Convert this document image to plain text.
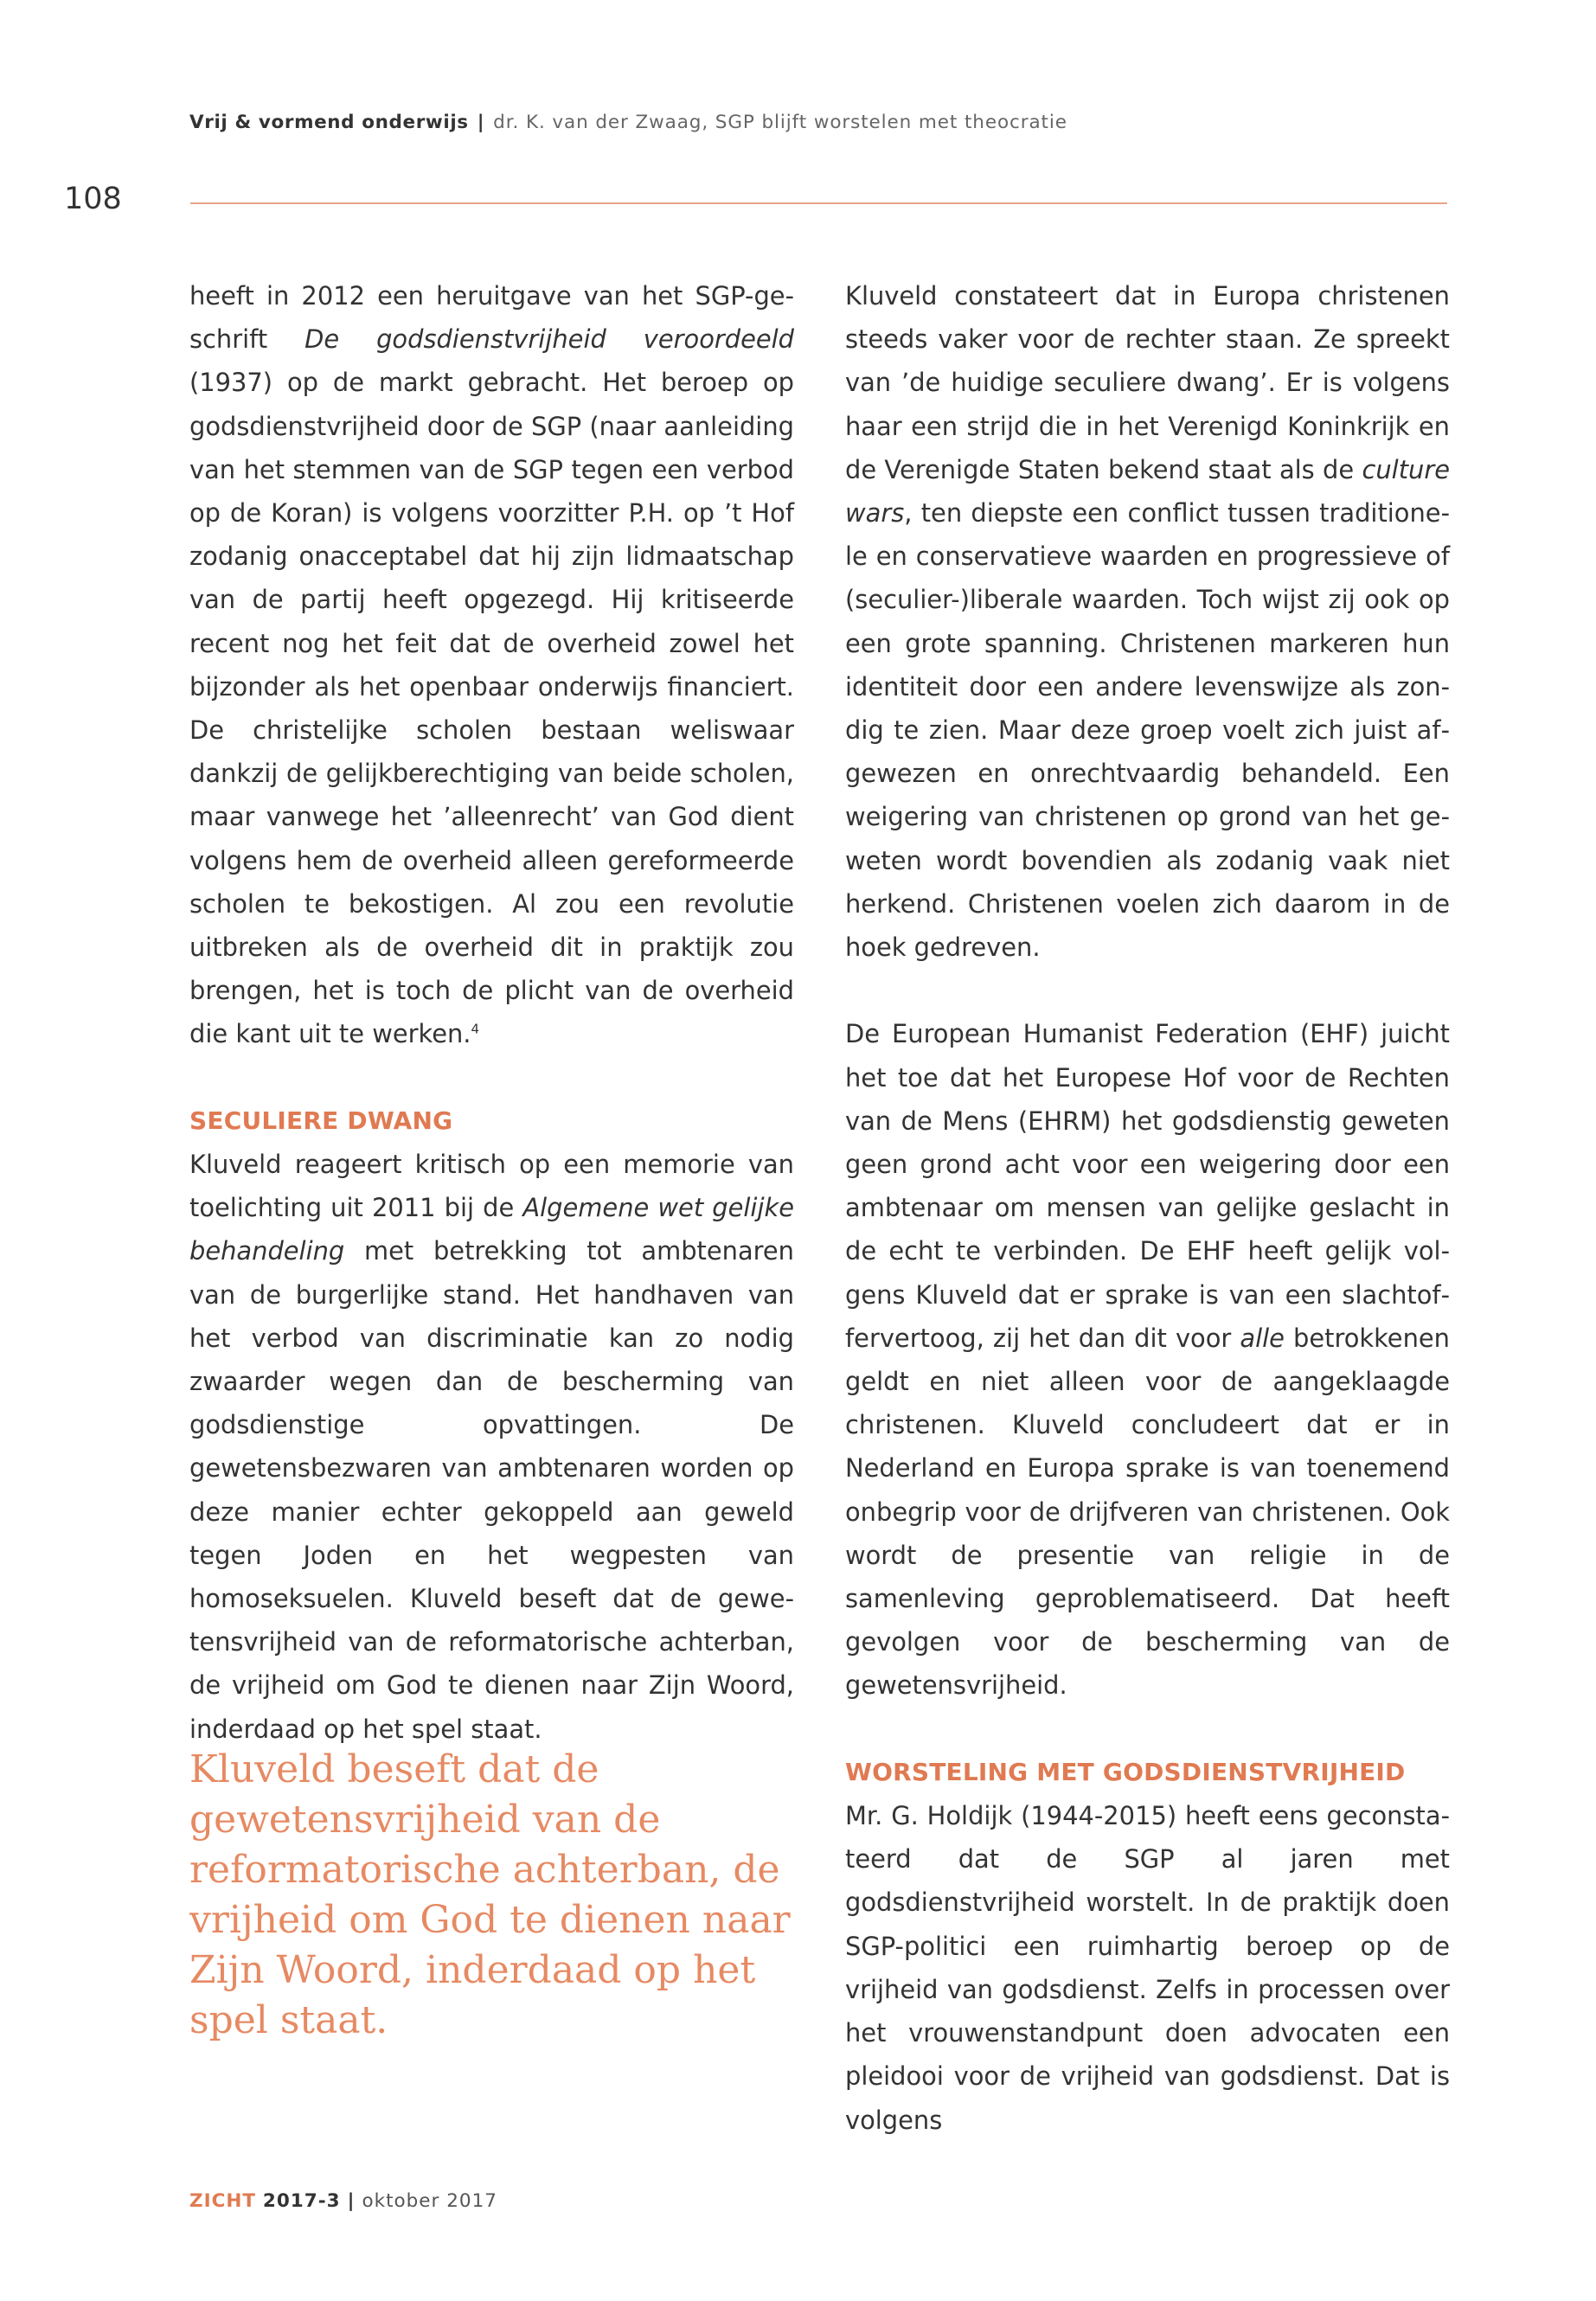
Vrij & vormend onderwijs | dr. K. van der Zwaag, SGP blijft worstelen met theocratie
108

heeft in 2012 een heruitgave van het SGP-geschrift De godsdienstvrijheid veroordeeld (1937) op de markt gebracht. Het beroep op godsdienstvrijheid door de SGP (naar aanleiding van het stemmen van de SGP tegen een verbod op de Koran) is volgens voorzitter P.H. op ’t Hof zodanig onacceptabel dat hij zijn lidmaatschap van de partij heeft opgezegd. Hij kritiseerde recent nog het feit dat de overheid zowel het bijzonder als het openbaar onderwijs financiert. De christelijke scholen bestaan weliswaar dankzij de gelijkberechtiging van beide scholen, maar vanwege het ’alleenrecht’ van God dient volgens hem de overheid alleen gereformeerde scholen te bekostigen. Al zou een revolutie uitbreken als de overheid dit in praktijk zou brengen, het is toch de plicht van de overheid die kant uit te werken.$^4$

SECULIERE DWANG

Kluveld reageert kritisch op een memorie van toelichting uit 2011 bij de Algemene wet gelijke behandeling met betrekking tot ambtenaren van de burgerlijke stand. Het handhaven van het verbod van discriminatie kan zo nodig zwaarder wegen dan de bescherming van godsdienstige opvattingen. De gewetensbezwaren van ambtenaren worden op deze manier echter gekoppeld aan geweld tegen Joden en het wegpesten van homoseksuelen. Kluveld beseft dat de gewetensvrijheid van de reformatorische achterban, de vrijheid om God te dienen naar Zijn Woord, inderdaad op het spel staat.

Kluveld beseft dat de gewetensvrijheid van de reformatorische achterban, de vrijheid om God te dienen naar Zijn Woord, inderdaad op het spel staat.

Kluveld constateert dat in Europa christenen steeds vaker voor de rechter staan. Ze spreekt van ’de huidige seculiere dwang’. Er is volgens haar een strijd die in het Verenigd Koninkrijk en de Verenigde Staten bekend staat als de culture wars, ten diepste een conflict tussen traditionele en conservatieve waarden en progressieve of (seculier-)liberale waarden. Toch wijst zij ook op een grote spanning. Christenen markeren hun identiteit door een andere levenswijze als zondig te zien. Maar deze groep voelt zich juist afgewezen en onrechtvaardig behandeld. Een weigering van christenen op grond van het geweten wordt bovendien als zodanig vaak niet herkend. Christenen voelen zich daarom in de hoek gedreven.

De European Humanist Federation (EHF) juicht het toe dat het Europese Hof voor de Rechten van de Mens (EHRM) het godsdienstig geweten geen grond acht voor een weigering door een ambtenaar om mensen van gelijke geslacht in de echt te verbinden. De EHF heeft gelijk volgens Kluveld dat er sprake is van een slachtoffervertoog, zij het dan dit voor alle betrokkenen geldt en niet alleen voor de aangeklaagde christenen. Kluveld concludeert dat er in Nederland en Europa sprake is van toenemend onbegrip voor de drijfveren van christenen. Ook wordt de presentie van religie in de samenleving geproblematiseerd. Dat heeft gevolgen voor de bescherming van de gewetensvrijheid.

WORSTELING MET GODSDIENSTVRIJHEID

Mr. G. Holdijk (1944-2015) heeft eens geconstateerd dat de SGP al jaren met godsdienstvrijheid worstelt. In de praktijk doen SGP-politici een ruimhartig beroep op de vrijheid van godsdienst. Zelfs in processen over het vrouwenstandpunt doen advocaten een pleidooi voor de vrijheid van godsdienst. Dat is volgens

ZICHT 2017-3 | oktober 2017
